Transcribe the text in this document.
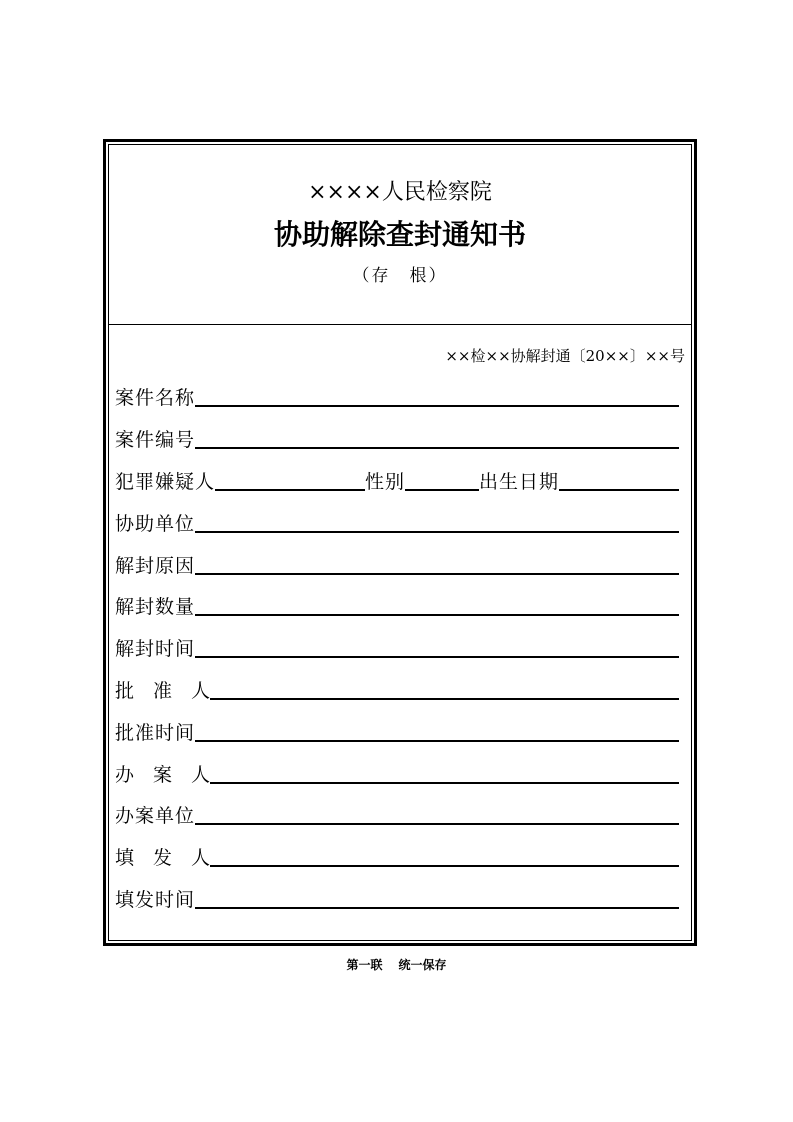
××××人民检察院
协助解除查封通知书
（存　根）
××检××协解封通〔20××〕××号
案件名称
案件编号
犯罪嫌疑人	性别	出生日期
协助单位
解封原因
解封数量
解封时间
批　准　人
批准时间
办　案　人
办案单位
填　发　人
填发时间
第一联 统一保存
